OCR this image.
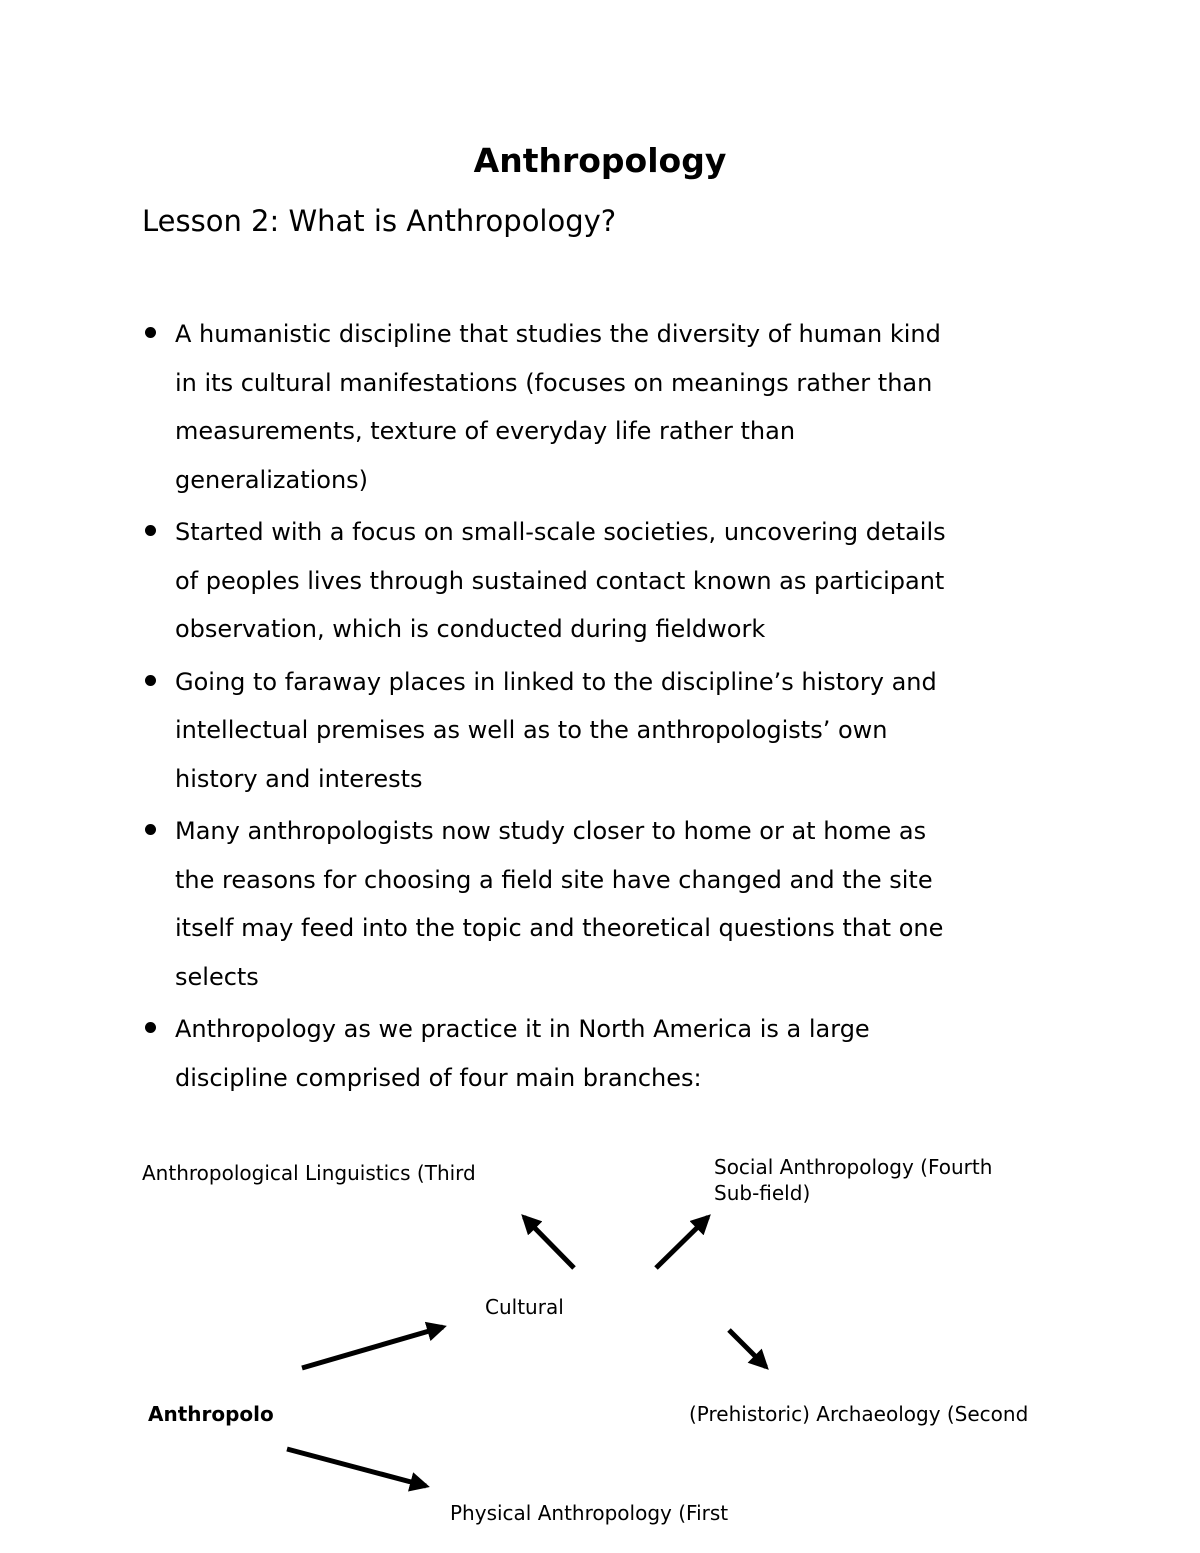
Anthropology
Lesson 2: What is Anthropology?
A humanistic discipline that studies the diversity of human kind
in its cultural manifestations (focuses on meanings rather than
measurements, texture of everyday life rather than
generalizations)
Started with a focus on small-scale societies, uncovering details
of peoples lives through sustained contact known as participant
observation, which is conducted during fieldwork
Going to faraway places in linked to the discipline’s history and
intellectual premises as well as to the anthropologists’ own
history and interests
Many anthropologists now study closer to home or at home as
the reasons for choosing a field site have changed and the site
itself may feed into the topic and theoretical questions that one
selects
Anthropology as we practice it in North America is a large
discipline comprised of four main branches:
Anthropological Linguistics (Third	Social Anthropology (Fourth
Sub-field)
Cultural
Anthropolo	(Prehistoric) Archaeology (Second
Physical Anthropology (First
